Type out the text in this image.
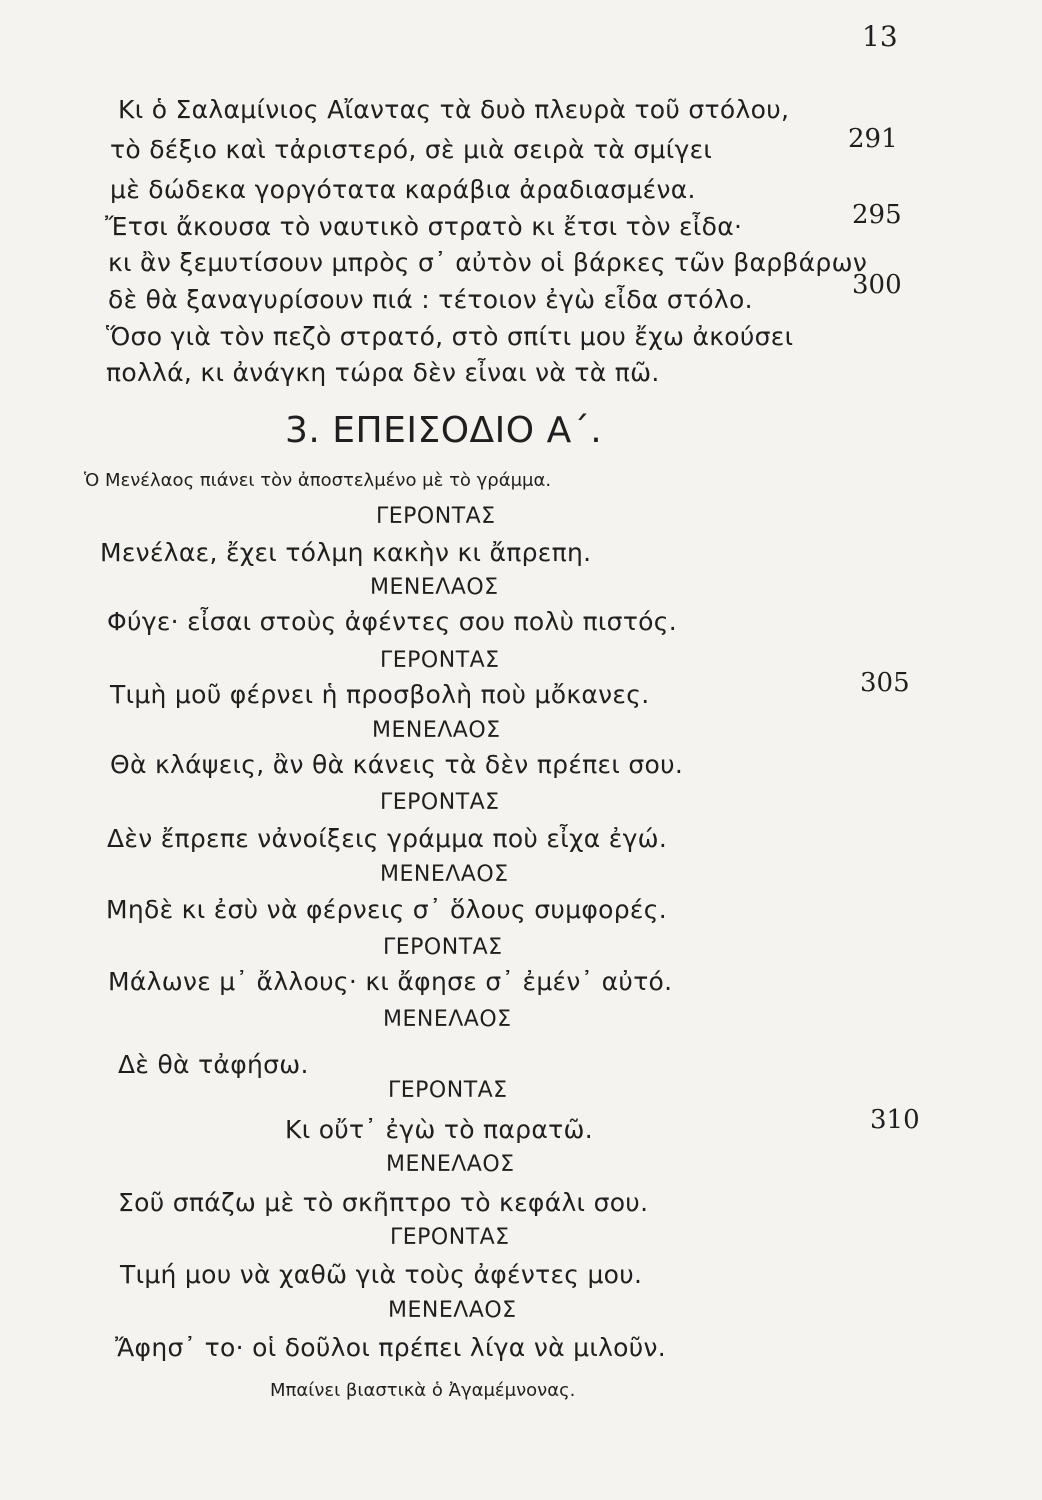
13
Κι ὁ Σαλαμίνιος Αἴαντας τὰ δυὸ πλευρὰ τοῦ στόλου,
τὸ δέξιο καὶ τἀριστερό, σὲ μιὰ σειρὰ τὰ σμίγει	291
μὲ δώδεκα γοργότατα καράβια ἀραδιασμένα.
Ἔτσι ἄκουσα τὸ ναυτικὸ στρατὸ κι ἔτσι τὸν εἶδα·	295
κι ἂν ξεμυτίσουν μπρὸς σ᾿ αὐτὸν οἱ βάρκες τῶν βαρβάρων
δὲ θὰ ξαναγυρίσουν πιά : τέτοιον ἐγὼ εἶδα στόλο.	300
Ὅσο γιὰ τὸν πεζὸ στρατό, στὸ σπίτι μου ἔχω ἀκούσει
πολλά, κι ἀνάγκη τώρα δὲν εἶναι νὰ τὰ πῶ.
3. ΕΠΕΙΣΟΔΙΟ Α΄.
Ὁ Μενέλαος πιάνει τὸν ἀποστελμένο μὲ τὸ γράμμα.
ΓΕΡΟΝΤΑΣ
Μενέλαε, ἔχει τόλμη κακὴν κι ἄπρεπη.
ΜΕΝΕΛΑΟΣ
Φύγε· εἶσαι στοὺς ἀφέντες σου πολὺ πιστός.
ΓΕΡΟΝΤΑΣ
Τιμὴ μοῦ φέρνει ἡ προσβολὴ ποὺ μὄκανες.	305
ΜΕΝΕΛΑΟΣ
Θὰ κλάψεις, ἂν θὰ κάνεις τὰ δὲν πρέπει σου.
ΓΕΡΟΝΤΑΣ
Δὲν ἔπρεπε νἀνοίξεις γράμμα ποὺ εἶχα ἐγώ.
ΜΕΝΕΛΑΟΣ
Μηδὲ κι ἐσὺ νὰ φέρνεις σ᾿ ὅλους συμφορές.
ΓΕΡΟΝΤΑΣ
Μάλωνε μ᾿ ἄλλους· κι ἄφησε σ᾿ ἐμέν᾿ αὐτό.
ΜΕΝΕΛΑΟΣ
Δὲ θὰ τἀφήσω.
ΓΕΡΟΝΤΑΣ
Κι οὔτ᾿ ἐγὼ τὸ παρατῶ.	310
ΜΕΝΕΛΑΟΣ
Σοῦ σπάζω μὲ τὸ σκῆπτρο τὸ κεφάλι σου.
ΓΕΡΟΝΤΑΣ
Τιμή μου νὰ χαθῶ γιὰ τοὺς ἀφέντες μου.
ΜΕΝΕΛΑΟΣ
Ἄφησ᾿ το· οἱ δοῦλοι πρέπει λίγα νὰ μιλοῦν.
Μπαίνει βιαστικὰ ὁ Ἀγαμέμνονας.
